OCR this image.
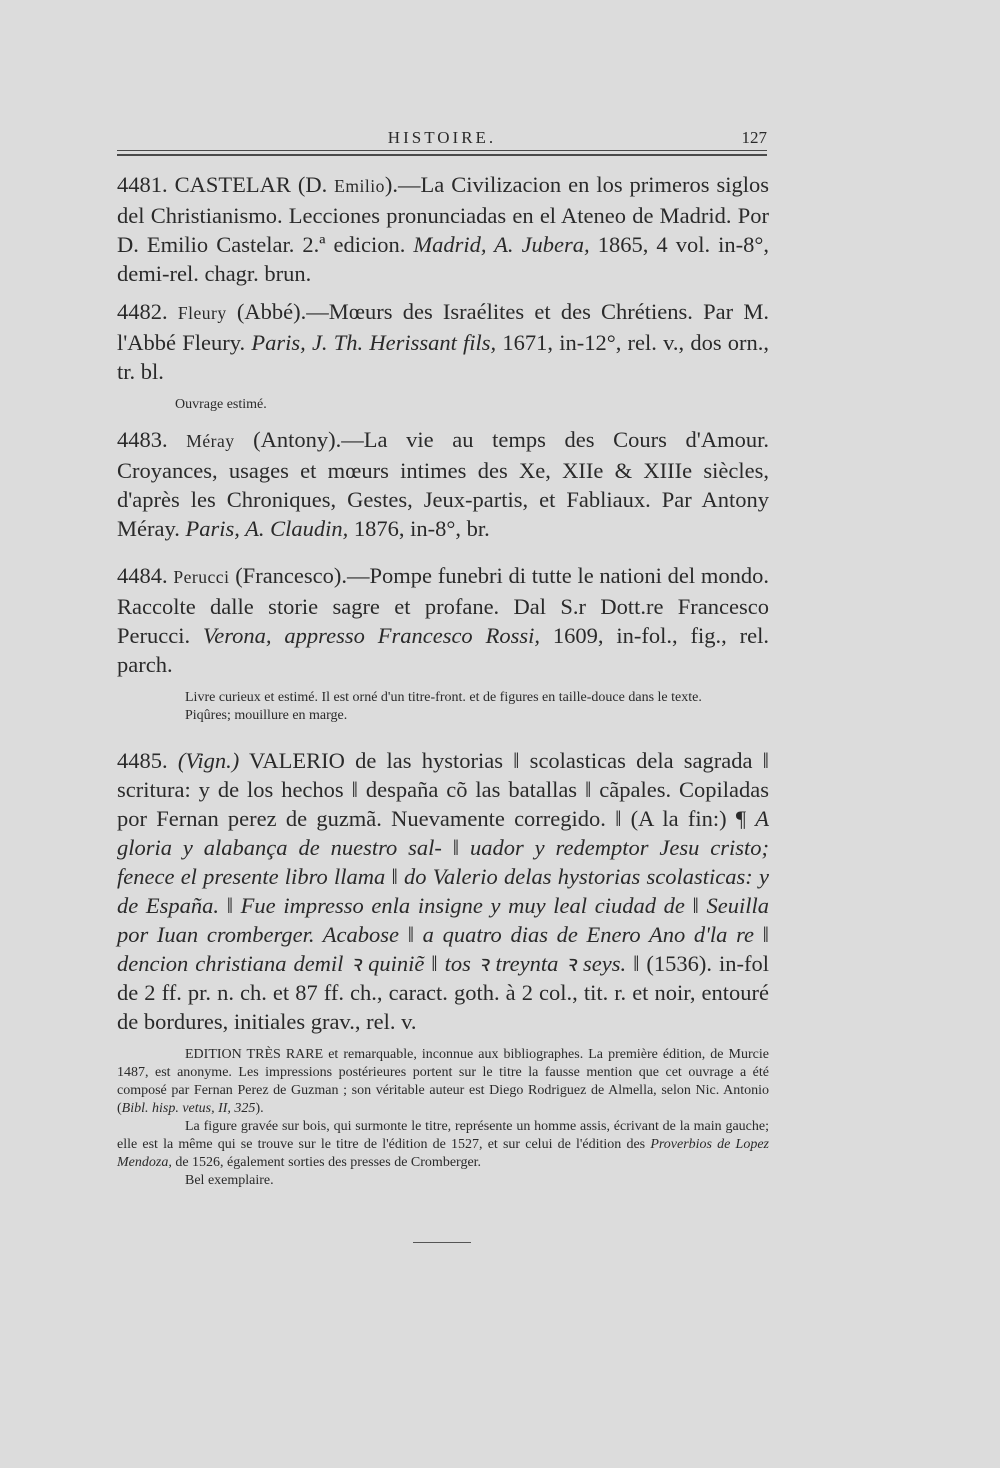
HISTOIRE.	127

4481. CASTELAR (D. Emilio).—La Civilizacion en los primeros siglos del Christianismo. Lecciones pronunciadas en el Ateneo de Madrid. Por D. Emilio Castelar. 2.ª edicion. Madrid, A. Jubera, 1865, 4 vol. in-8°, demi-rel. chagr. brun.

4482. Fleury (Abbé).—Mœurs des Israélites et des Chrétiens. Par M. l'Abbé Fleury. Paris, J. Th. Herissant fils, 1671, in-12°, rel. v., dos orn., tr. bl.

Ouvrage estimé.

4483. Méray (Antony).—La vie au temps des Cours d'Amour. Croyances, usages et mœurs intimes des Xe, XIIe & XIIIe siècles, d'après les Chroniques, Gestes, Jeux-partis, et Fabliaux. Par Antony Méray. Paris, A. Claudin, 1876, in-8°, br.

4484. Perucci (Francesco).—Pompe funebri di tutte le nationi del mondo. Raccolte dalle storie sagre et profane. Dal S.r Dott.re Francesco Perucci. Verona, appresso Francesco Rossi, 1609, in-fol., fig., rel. parch.

Livre curieux et estimé. Il est orné d'un titre-front. et de figures en taille-douce dans le texte.

Piqûres; mouillure en marge.

4485. (Vign.) VALERIO de las hystorias ‖ scolasticas dela sagrada ‖ scritura: y de los hechos ‖ despaña cõ las batallas ‖ cãpales. Copiladas por Fernan perez de guzmã. Nuevamente corregido. ‖ (A la fin:) ¶ A gloria y alabança de nuestro sal- ‖ uador y redemptor Jesu cristo; fenece el presente libro llama ‖ do Valerio delas hystorias scolasticas: y de España. ‖ Fue impresso enla insigne y muy leal ciudad de ‖ Seuilla por Iuan cromberger. Acabose ‖ a quatro dias de Enero Ano d'la re ‖ dencion christiana demil ꝛ quiniẽ ‖ tos ꝛ treynta ꝛ seys. ‖ (1536). in-fol de 2 ff. pr. n. ch. et 87 ff. ch., caract. goth. à 2 col., tit. r. et noir, entouré de bordures, initiales grav., rel. v.

EDITION TRÈS RARE et remarquable, inconnue aux bibliographes. La première édition, de Murcie 1487, est anonyme. Les impressions postérieures portent sur le titre la fausse mention que cet ouvrage a été composé par Fernan Perez de Guzman ; son véritable auteur est Diego Rodriguez de Almella, selon Nic. Antonio (Bibl. hisp. vetus, II, 325).

La figure gravée sur bois, qui surmonte le titre, représente un homme assis, écrivant de la main gauche; elle est la même qui se trouve sur le titre de l'édition de 1527, et sur celui de l'édition des Proverbios de Lopez Mendoza, de 1526, également sorties des presses de Cromberger.

Bel exemplaire.
